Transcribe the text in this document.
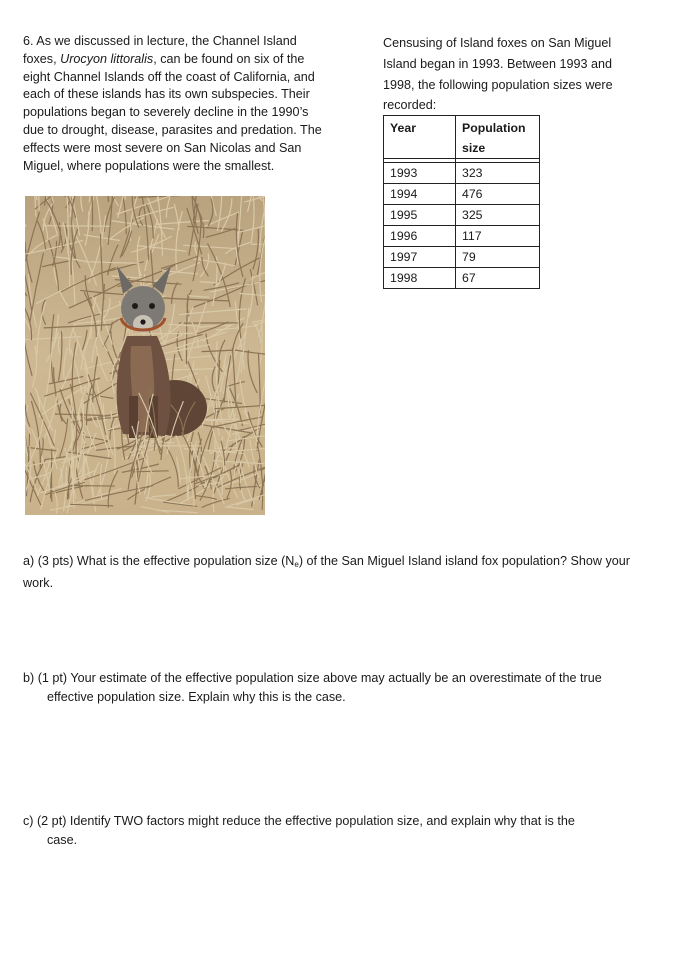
6. As we discussed in lecture, the Channel Island foxes, Urocyon littoralis, can be found on six of the eight Channel Islands off the coast of California, and each of these islands has its own subspecies. Their populations began to severely decline in the 1990’s due to drought, disease, parasites and predation. The effects were most severe on San Nicolas and San Miguel, where populations were the smallest.
Censusing of Island foxes on San Miguel Island began in 1993. Between 1993 and 1998, the following population sizes were recorded:
Year	Population size

1993	323
1994	476
1995	325
1996	117
1997	79
1998	67
a) (3 pts) What is the effective population size $(N_e)$ of the San Miguel Island island fox population? Show your work.
b) (1 pt) Your estimate of the effective population size above may actually be an overestimate of the true
effective population size. Explain why this is the case.
c) (2 pt) Identify TWO factors might reduce the effective population size, and explain why that is the
case.
